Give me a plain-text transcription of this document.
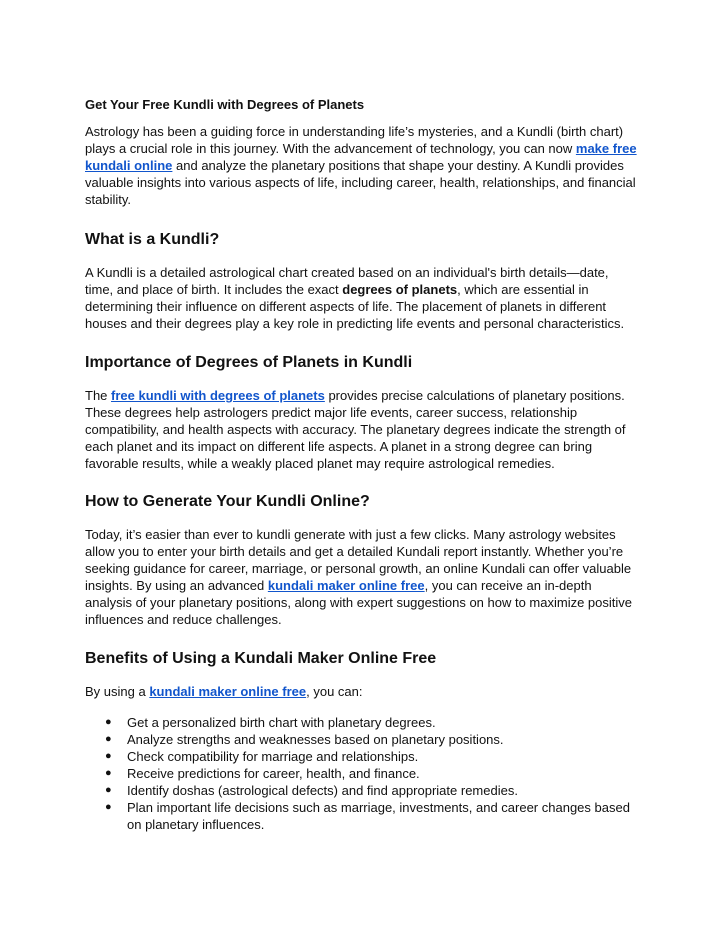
Get Your Free Kundli with Degrees of Planets

Astrology has been a guiding force in understanding life’s mysteries, and a Kundli (birth chart) plays a crucial role in this journey. With the advancement of technology, you can now make free kundali online and analyze the planetary positions that shape your destiny. A Kundli provides valuable insights into various aspects of life, including career, health, relationships, and financial stability.

What is a Kundli?

A Kundli is a detailed astrological chart created based on an individual's birth details—date, time, and place of birth. It includes the exact degrees of planets, which are essential in determining their influence on different aspects of life. The placement of planets in different houses and their degrees play a key role in predicting life events and personal characteristics.

Importance of Degrees of Planets in Kundli

The free kundli with degrees of planets provides precise calculations of planetary positions. These degrees help astrologers predict major life events, career success, relationship compatibility, and health aspects with accuracy. The planetary degrees indicate the strength of each planet and its impact on different life aspects. A planet in a strong degree can bring favorable results, while a weakly placed planet may require astrological remedies.

How to Generate Your Kundli Online?

Today, it’s easier than ever to kundli generate with just a few clicks. Many astrology websites allow you to enter your birth details and get a detailed Kundali report instantly. Whether you’re seeking guidance for career, marriage, or personal growth, an online Kundali can offer valuable insights. By using an advanced kundali maker online free, you can receive an in-depth analysis of your planetary positions, along with expert suggestions on how to maximize positive influences and reduce challenges.

Benefits of Using a Kundali Maker Online Free

By using a kundali maker online free, you can:

● Get a personalized birth chart with planetary degrees.
● Analyze strengths and weaknesses based on planetary positions.
● Check compatibility for marriage and relationships.
● Receive predictions for career, health, and finance.
● Identify doshas (astrological defects) and find appropriate remedies.
● Plan important life decisions such as marriage, investments, and career changes based on planetary influences.
